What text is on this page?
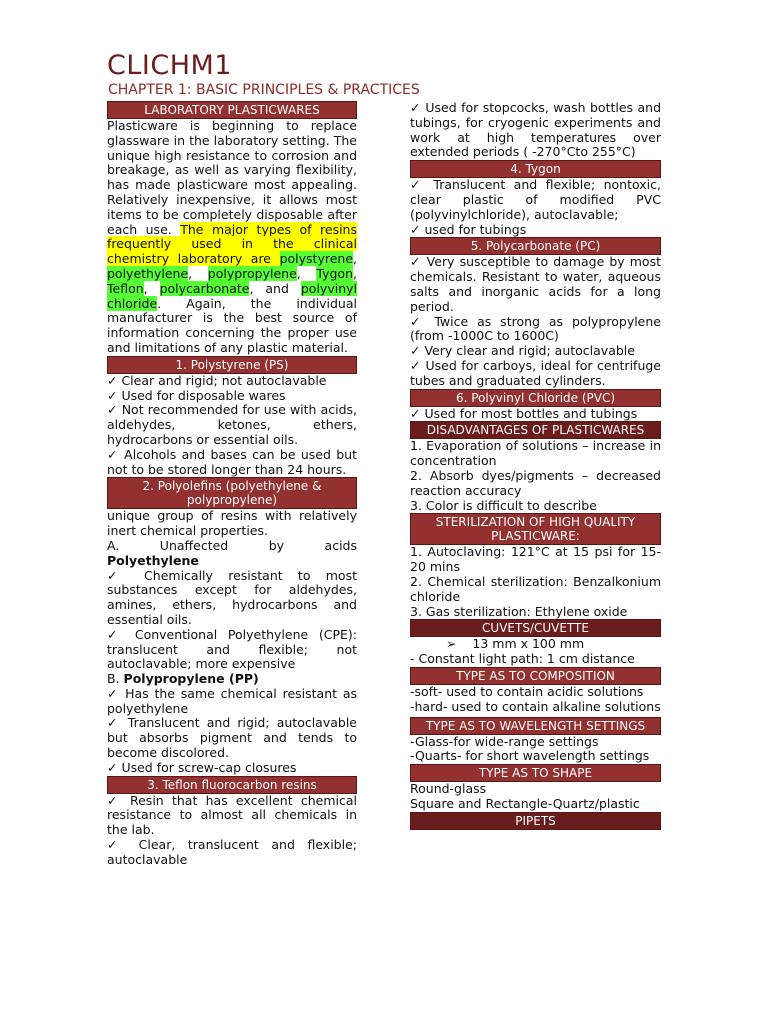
CLICHM1
CHAPTER 1: BASIC PRINCIPLES & PRACTICES
LABORATORY PLASTICWARES

Plasticware is beginning to replace glassware in the laboratory setting. The unique high resistance to corrosion and breakage, as well as varying flexibility, has made plasticware most appealing. Relatively inexpensive, it allows most items to be completely disposable after each use. The major types of resins frequently used in the clinical chemistry laboratory are polystyrene, polyethylene, polypropylene, Tygon, Teflon, polycarbonate, and polyvinyl chloride. Again, the individual manufacturer is the best source of information concerning the proper use and limitations of any plastic material.

1. Polystyrene (PS)

✓ Clear and rigid; not autoclavable

✓ Used for disposable wares

✓ Not recommended for use with acids, aldehydes, ketones, ethers, hydrocarbons or essential oils.

✓ Alcohols and bases can be used but not to be stored longer than 24 hours.

2. Polyolefins (polyethylene & polypropylene)

unique group of resins with relatively inert chemical properties.

A. Unaffected by acids

Polyethylene

✓ Chemically resistant to most substances except for aldehydes, amines, ethers, hydrocarbons and essential oils.

✓ Conventional Polyethylene (CPE): translucent and flexible; not autoclavable; more expensive

B. Polypropylene (PP)

✓ Has the same chemical resistant as polyethylene

✓ Translucent and rigid; autoclavable but absorbs pigment and tends to become discolored.

✓ Used for screw-cap closures

3. Teflon fluorocarbon resins

✓ Resin that has excellent chemical resistance to almost all chemicals in the lab.

✓ Clear, translucent and flexible; autoclavable

✓ Used for stopcocks, wash bottles and tubings, for cryogenic experiments and work at high temperatures over extended periods ( -270°Cto 255°C)

4. Tygon

✓ Translucent and flexible; nontoxic, clear plastic of modified PVC (polyvinylchloride), autoclavable;

✓ used for tubings

5. Polycarbonate (PC)

✓ Very susceptible to damage by most chemicals. Resistant to water, aqueous salts and inorganic acids for a long period.

✓ Twice as strong as polypropylene (from -1000C to 1600C)

✓ Very clear and rigid; autoclavable

✓ Used for carboys, ideal for centrifuge tubes and graduated cylinders.

6. Polyvinyl Chloride (PVC)

✓ Used for most bottles and tubings

DISADVANTAGES OF PLASTICWARES

1. Evaporation of solutions – increase in concentration

2. Absorb dyes/pigments – decreased reaction accuracy

3. Color is difficult to describe

STERILIZATION OF HIGH QUALITY PLASTICWARE:

1. Autoclaving: 121°C at 15 psi for 15-20 mins

2. Chemical sterilization: Benzalkonium chloride

3. Gas sterilization: Ethylene oxide

CUVETS/CUVETTE

➢ 13 mm x 100 mm

- Constant light path: 1 cm distance

TYPE AS TO COMPOSITION

-soft- used to contain acidic solutions

-hard- used to contain alkaline solutions

TYPE AS TO WAVELENGTH SETTINGS

-Glass-for wide-range settings

-Quarts- for short wavelength settings

TYPE AS TO SHAPE

Round-glass

Square and Rectangle-Quartz/plastic

PIPETS
